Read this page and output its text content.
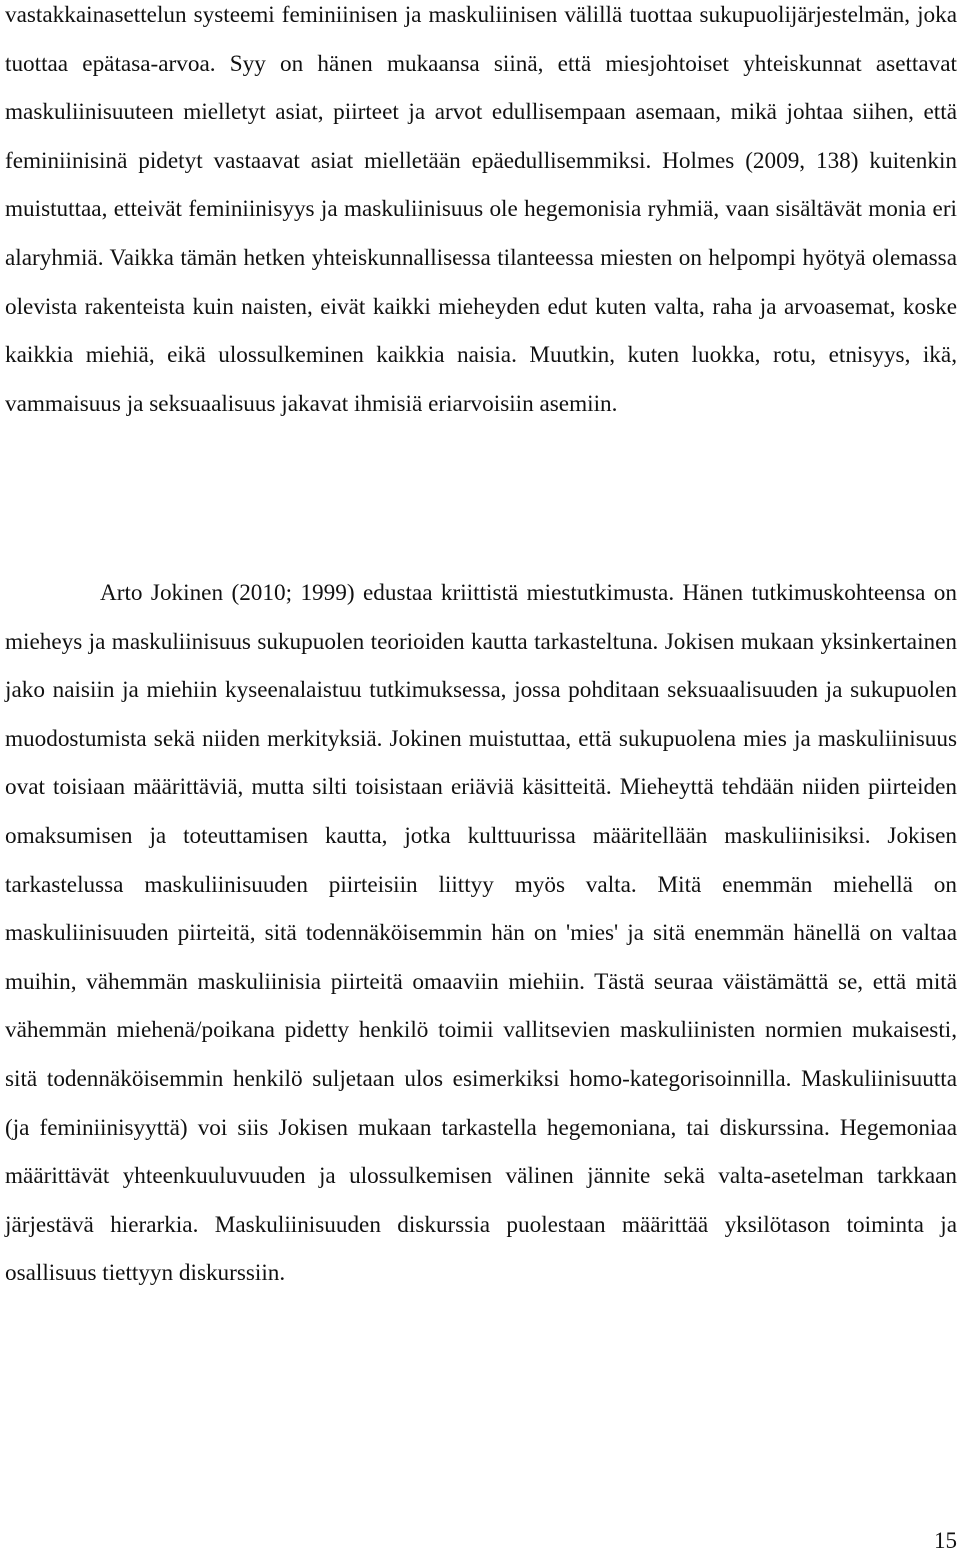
vastakkainasettelun systeemi feminiinisen ja maskuliinisen välillä tuottaa sukupuolijärjestelmän, joka tuottaa epätasa-arvoa. Syy on hänen mukaansa siinä, että miesjohtoiset yhteiskunnat asettavat maskuliinisuuteen mielletyt asiat, piirteet ja arvot edullisempaan asemaan, mikä johtaa siihen, että feminiinisinä pidetyt vastaavat asiat mielletään epäedullisemmiksi. Holmes (2009, 138) kuitenkin muistuttaa, etteivät feminiinisyys ja maskuliinisuus ole hegemonisia ryhmiä, vaan sisältävät monia eri alaryhmiä. Vaikka tämän hetken yhteiskunnallisessa tilanteessa miesten on helpompi hyötyä olemassa olevista rakenteista kuin naisten, eivät kaikki mieheyden edut kuten valta, raha ja arvoasemat, koske kaikkia miehiä, eikä ulossulkeminen kaikkia naisia. Muutkin, kuten luokka, rotu, etnisyys, ikä, vammaisuus ja seksuaalisuus jakavat ihmisiä eriarvoisiin asemiin.

Arto Jokinen (2010; 1999) edustaa kriittistä miestutkimusta. Hänen tutkimuskohteensa on mieheys ja maskuliinisuus sukupuolen teorioiden kautta tarkasteltuna. Jokisen mukaan yksinkertainen jako naisiin ja miehiin kyseenalaistuu tutkimuksessa, jossa pohditaan seksuaalisuuden ja sukupuolen muodostumista sekä niiden merkityksiä. Jokinen muistuttaa, että sukupuolena mies ja maskuliinisuus ovat toisiaan määrittäviä, mutta silti toisistaan eriäviä käsitteitä. Mieheyttä tehdään niiden piirteiden omaksumisen ja toteuttamisen kautta, jotka kulttuurissa määritellään maskuliinisiksi. Jokisen tarkastelussa maskuliinisuuden piirteisiin liittyy myös valta. Mitä enemmän miehellä on maskuliinisuuden piirteitä, sitä todennäköisemmin hän on 'mies' ja sitä enemmän hänellä on valtaa muihin, vähemmän maskuliinisia piirteitä omaaviin miehiin. Tästä seuraa väistämättä se, että mitä vähemmän miehenä/poikana pidetty henkilö toimii vallitsevien maskuliinisten normien mukaisesti, sitä todennäköisemmin henkilö suljetaan ulos esimerkiksi homo-kategorisoinnilla. Maskuliinisuutta (ja feminiinisyyttä) voi siis Jokisen mukaan tarkastella hegemoniana, tai diskurssina. Hegemoniaa määrittävät yhteenkuuluvuuden ja ulossulkemisen välinen jännite sekä valta-asetelman tarkkaan järjestävä hierarkia. Maskuliinisuuden diskurssia puolestaan määrittää yksilötason toiminta ja osallisuus tiettyyn diskurssiin.

15
